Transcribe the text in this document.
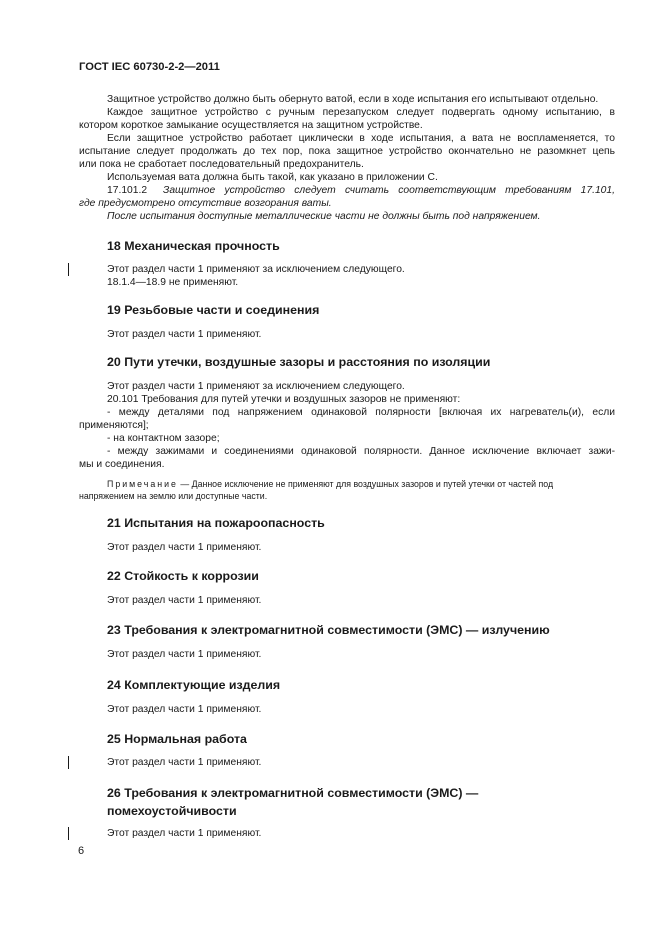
ГОСТ IEC 60730-2-2—2011

Защитное устройство должно быть обернуто ватой, если в ходе испытания его испытывают отдельно.

Каждое защитное устройство с ручным перезапуском следует подвергать одному испытанию, в

котором короткое замыкание осуществляется на защитном устройстве.

Если защитное устройство работает циклически в ходе испытания, а вата не воспламеняется, то

испытание следует продолжать до тех пор, пока защитное устройство окончательно не разомкнет цепь

или пока не сработает последовательный предохранитель.

Используемая вата должна быть такой, как указано в приложении С.

17.101.2 Защитное устройство следует считать соответствующим требованиям 17.101,

где предусмотрено отсутствие возгорания ваты.

После испытания доступные металлические части не должны быть под напряжением.

18 Механическая прочность

Этот раздел части 1 применяют за исключением следующего.

18.1.4—18.9 не применяют.

19 Резьбовые части и соединения

Этот раздел части 1 применяют.

20 Пути утечки, воздушные зазоры и расстояния по изоляции

Этот раздел части 1 применяют за исключением следующего.

20.101 Требования для путей утечки и воздушных зазоров не применяют:

- между деталями под напряжением одинаковой полярности [включая их нагреватель(и), если

применяются];

- на контактном зазоре;

- между зажимами и соединениями одинаковой полярности. Данное исключение включает зажи-

мы и соединения.

Примечание — Данное исключение не применяют для воздушных зазоров и путей утечки от частей под

напряжением на землю или доступные части.

21 Испытания на пожароопасность

Этот раздел части 1 применяют.

22 Стойкость к коррозии

Этот раздел части 1 применяют.

23 Требования к электромагнитной совместимости (ЭМС) — излучению

Этот раздел части 1 применяют.

24 Комплектующие изделия

Этот раздел части 1 применяют.

25 Нормальная работа

Этот раздел части 1 применяют.

26 Требования к электромагнитной совместимости (ЭМС) —

помехоустойчивости

Этот раздел части 1 применяют.

6
